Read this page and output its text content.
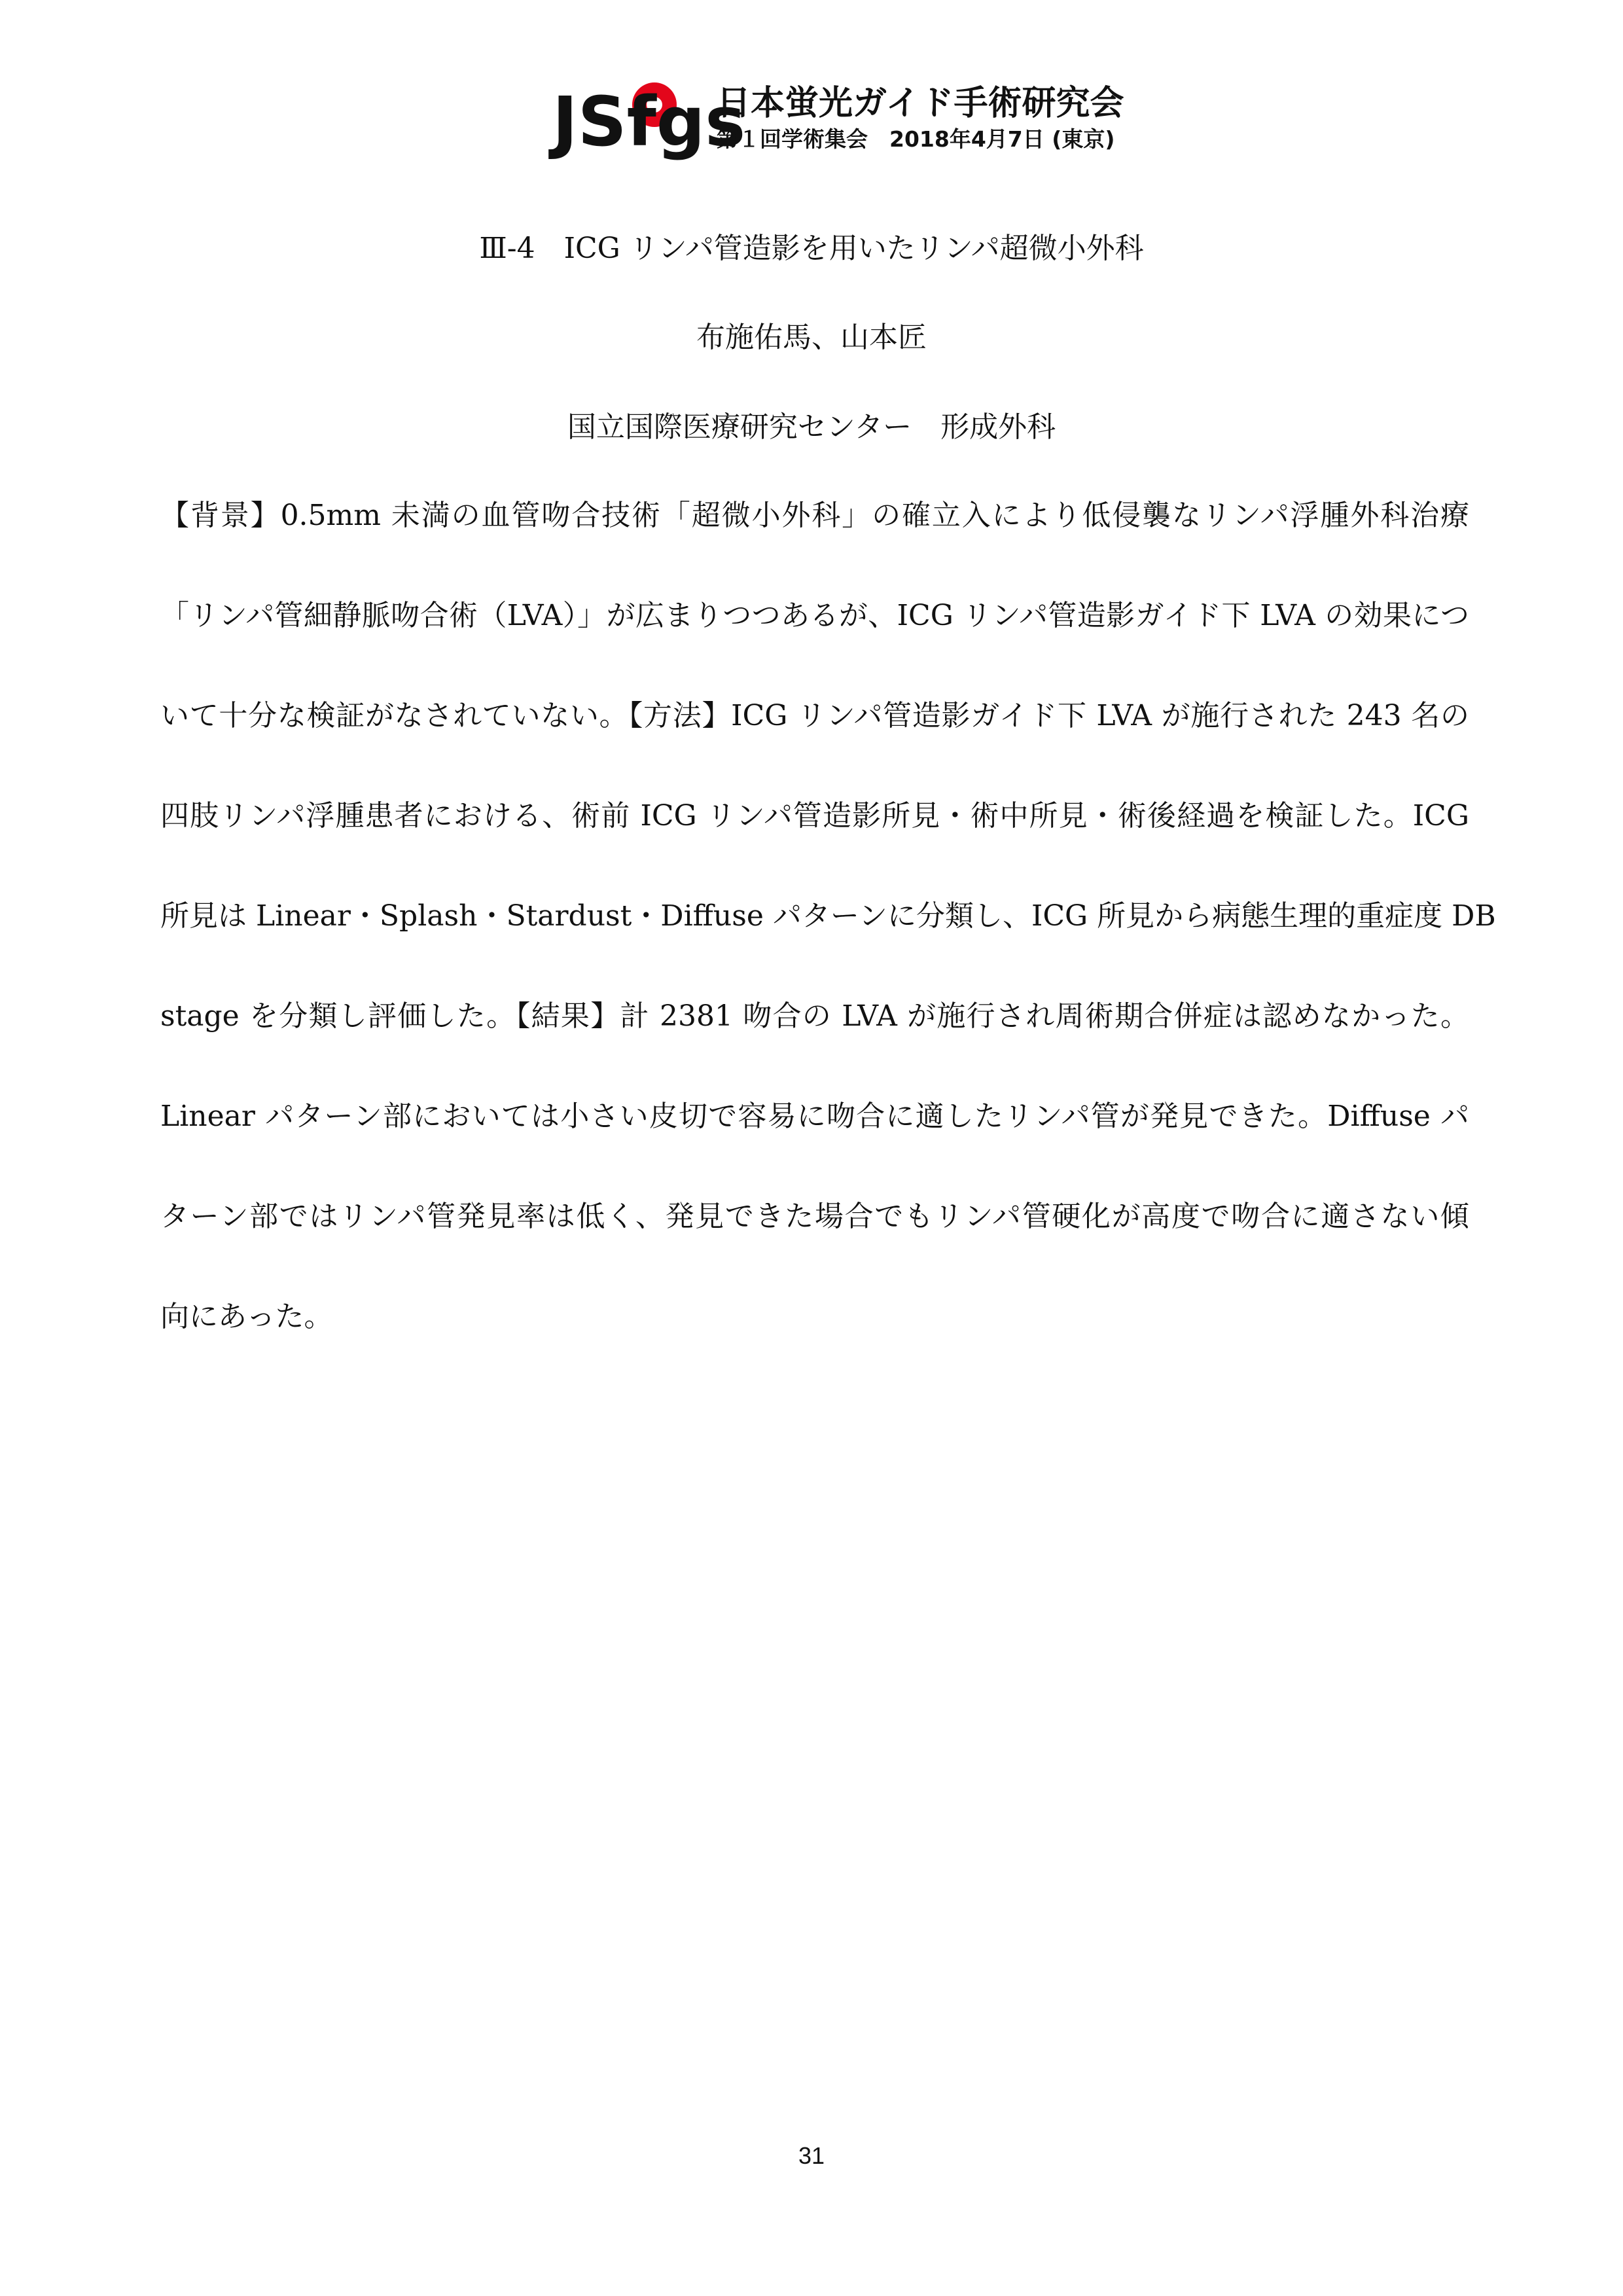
JSfgs
日本蛍光ガイド手術研究会
第１回学術集会　2018年4月7日 (東京)
Ⅲ-4　ICG リンパ管造影を用いたリンパ超微小外科
布施佑馬、山本匠
国立国際医療研究センター　形成外科
【背景】0.5mm 未満の血管吻合技術「超微小外科」の確立入により低侵襲なリンパ浮腫外科治療
「リンパ管細静脈吻合術（LVA）」が広まりつつあるが、ICG リンパ管造影ガイド下 LVA の効果につ
いて十分な検証がなされていない。【方法】ICG リンパ管造影ガイド下 LVA が施行された 243 名の
四肢リンパ浮腫患者における、術前 ICG リンパ管造影所見・術中所見・術後経過を検証した。ICG
所見は Linear・Splash・Stardust・Diffuse パターンに分類し、ICG 所見から病態生理的重症度 DB
stage を分類し評価した。【結果】計 2381 吻合の LVA が施行され周術期合併症は認めなかった。
Linear パターン部においては小さい皮切で容易に吻合に適したリンパ管が発見できた。Diffuse パ
ターン部ではリンパ管発見率は低く、発見できた場合でもリンパ管硬化が高度で吻合に適さない傾
向にあった。
31
